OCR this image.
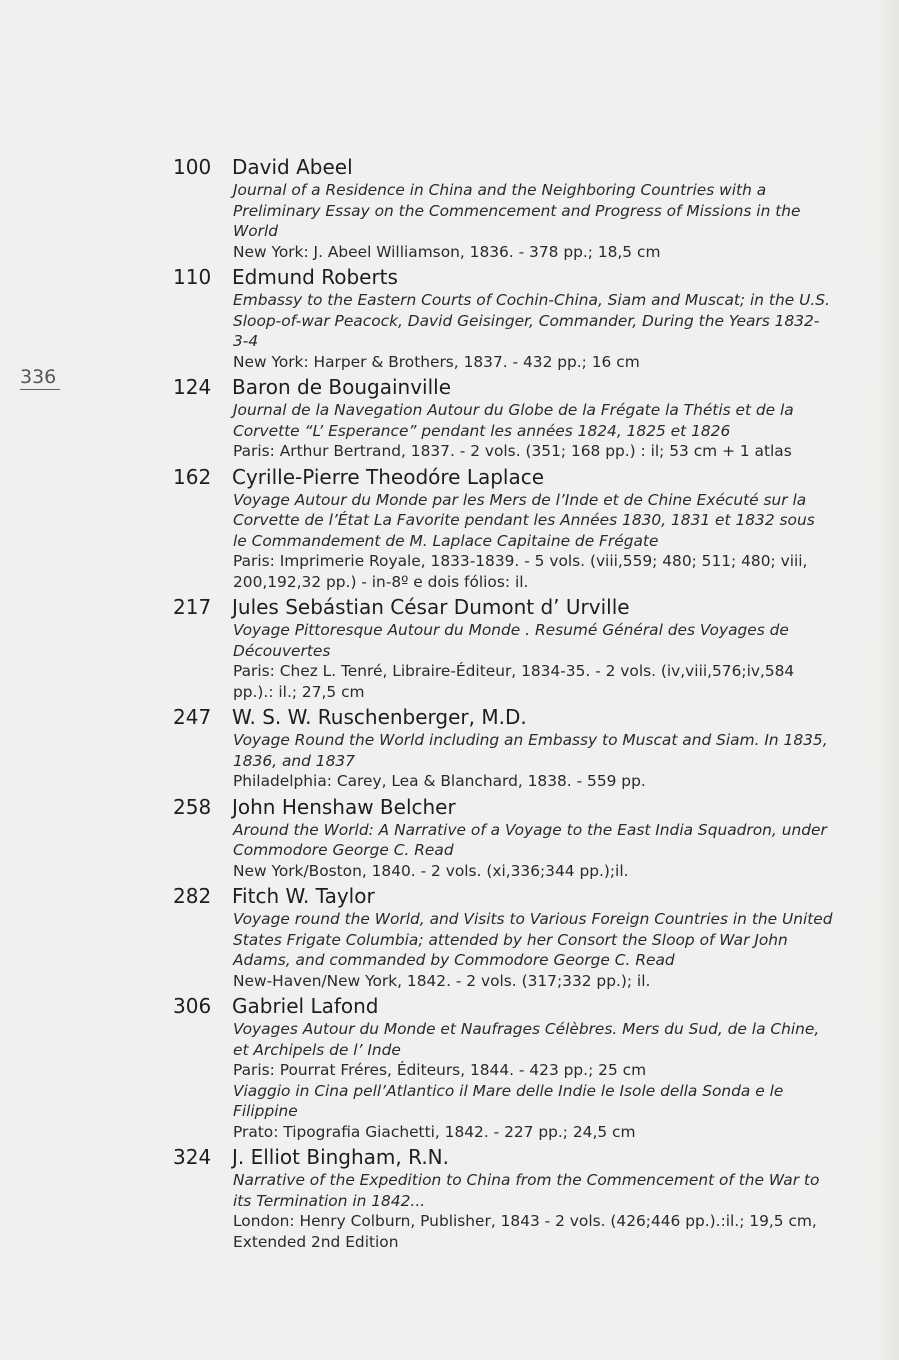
336
100 David Abeel
Journal of a Residence in China and the Neighboring Countries with a Preliminary Essay on the Commencement and Progress of Missions in the World
New York: J. Abeel Williamson, 1836. - 378 pp.; 18,5 cm
110 Edmund Roberts
Embassy to the Eastern Courts of Cochin-China, Siam and Muscat; in the U.S. Sloop-of-war Peacock, David Geisinger, Commander, During the Years 1832-3-4
New York: Harper & Brothers, 1837. - 432 pp.; 16 cm
124 Baron de Bougainville
Journal de la Navegation Autour du Globe de la Frégate la Thétis et de la Corvette “L’ Esperance” pendant les années 1824, 1825 et 1826
Paris: Arthur Bertrand, 1837. - 2 vols. (351; 168 pp.) : il; 53 cm + 1 atlas
162 Cyrille-Pierre Theodóre Laplace
Voyage Autour du Monde par les Mers de l’Inde et de Chine Exécuté sur la Corvette de l’État La Favorite pendant les Années 1830, 1831 et 1832 sous le Commandement de M. Laplace Capitaine de Frégate
Paris: Imprimerie Royale, 1833-1839. - 5 vols. (viii,559; 480; 511; 480; viii, 200,192,32 pp.) - in-8º e dois fólios: il.
217 Jules Sebástian César Dumont d’ Urville
Voyage Pittoresque Autour du Monde . Resumé Général des Voyages de Découvertes
Paris: Chez L. Tenré, Libraire-Éditeur, 1834-35. - 2 vols. (iv,viii,576;iv,584 pp.).: il.; 27,5 cm
247 W. S. W. Ruschenberger, M.D.
Voyage Round the World including an Embassy to Muscat and Siam. In 1835, 1836, and 1837
Philadelphia: Carey, Lea & Blanchard, 1838. - 559 pp.
258 John Henshaw Belcher
Around the World: A Narrative of a Voyage to the East India Squadron, under Commodore George C. Read
New York/Boston, 1840. - 2 vols. (xi,336;344 pp.);il.
282 Fitch W. Taylor
Voyage round the World, and Visits to Various Foreign Countries in the United States Frigate Columbia; attended by her Consort the Sloop of War John Adams, and commanded by Commodore George C. Read
New-Haven/New York, 1842. - 2 vols. (317;332 pp.); il.
306 Gabriel Lafond
Voyages Autour du Monde et Naufrages Célèbres. Mers du Sud, de la Chine, et Archipels de l’ Inde
Paris: Pourrat Fréres, Éditeurs, 1844. - 423 pp.; 25 cm
Viaggio in Cina pell’Atlantico il Mare delle Indie le Isole della Sonda e le Filippine
Prato: Tipografia Giachetti, 1842. - 227 pp.; 24,5 cm
324 J. Elliot Bingham, R.N.
Narrative of the Expedition to China from the Commencement of the War to its Termination in 1842...
London: Henry Colburn, Publisher, 1843 - 2 vols. (426;446 pp.).:il.; 19,5 cm, Extended 2nd Edition
